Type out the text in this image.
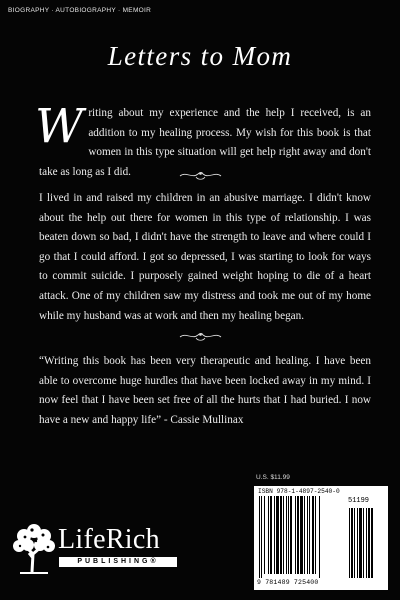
BIOGRAPHY · AUTOBIOGRAPHY · MEMOIR
Letters to Mom
Writing about my experience and the help I received, is an addition to my healing process. My wish for this book is that women in this type situation will get help right away and don't take as long as I did.
I lived in and raised my children in an abusive marriage. I didn't know about the help out there for women in this type of relationship. I was beaten down so bad, I didn't have the strength to leave and where could I go that I could afford. I got so depressed, I was starting to look for ways to commit suicide. I purposely gained weight hoping to die of a heart attack. One of my children saw my distress and took me out of my home while my husband was at work and then my healing began.
“Writing this book has been very therapeutic and healing. I have been able to overcome huge hurdles that have been locked away in my mind. I now feel that I have been set free of all the hurts that I had buried. I now have a new and happy life” - Cassie Mullinax
LifeRich
PUBLISHING®
U.S. $11.99
ISBN 978-1-4897-2540-0
51199
9 781489 725400
